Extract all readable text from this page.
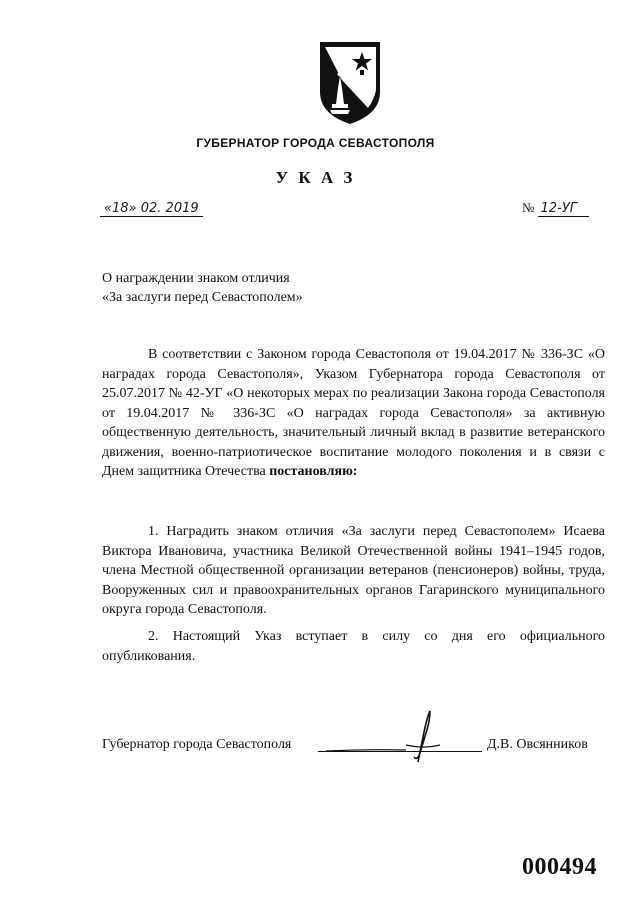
ГУБЕРНАТОР ГОРОДА СЕВАСТОПОЛЯ
У К А З
«18» 02. 2019	№ 12-УГ
О награждении знаком отличия
«За заслуги перед Севастополем»

В соответствии с Законом города Севастополя от 19.04.2017 № 336-ЗС «О наградах города Севастополя», Указом Губернатора города Севастополя от 25.07.2017 № 42-УГ «О некоторых мерах по реализации Закона города Севастополя от 19.04.2017 № 336-ЗС «О наградах города Севастополя» за активную общественную деятельность, значительный личный вклад в развитие ветеранского движения, военно-патриотическое воспитание молодого поколения и в связи с Днем защитника Отечества постановляю:

1. Наградить знаком отличия «За заслуги перед Севастополем» Исаева Виктора Ивановича, участника Великой Отечественной войны 1941–1945 годов, члена Местной общественной организации ветеранов (пенсионеров) войны, труда, Вооруженных сил и правоохранительных органов Гагаринского муниципального округа города Севастополя.

2. Настоящий Указ вступает в силу со дня его официального опубликования.

Губернатор города Севастополя	Д.В. Овсянников
000494
